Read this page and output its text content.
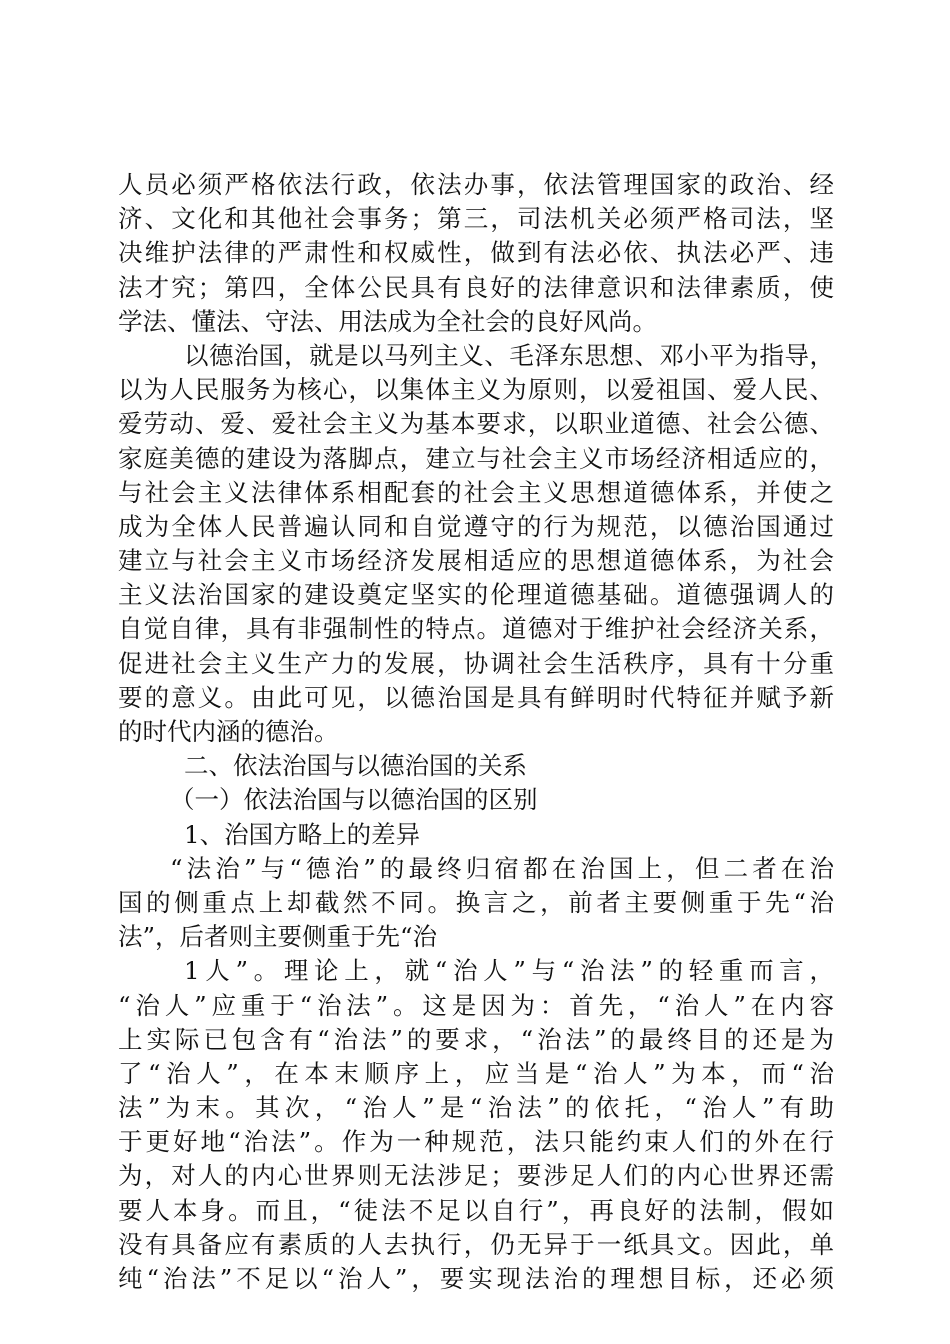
人员必须严格依法行政，依法办事，依法管理国家的政治、经
济、文化和其他社会事务；第三，司法机关必须严格司法，坚
决维护法律的严肃性和权威性，做到有法必依、执法必严、违
法才究；第四，全体公民具有良好的法律意识和法律素质，使
学法、懂法、守法、用法成为全社会的良好风尚。
以德治国，就是以马列主义、毛泽东思想、邓小平为指导，
以为人民服务为核心，以集体主义为原则，以爱祖国、爱人民、
爱劳动、爱、爱社会主义为基本要求，以职业道德、社会公德、
家庭美德的建设为落脚点，建立与社会主义市场经济相适应的，
与社会主义法律体系相配套的社会主义思想道德体系，并使之
成为全体人民普遍认同和自觉遵守的行为规范，以德治国通过
建立与社会主义市场经济发展相适应的思想道德体系，为社会
主义法治国家的建设奠定坚实的伦理道德基础。道德强调人的
自觉自律，具有非强制性的特点。道德对于维护社会经济关系，
促进社会主义生产力的发展，协调社会生活秩序，具有十分重
要的意义。由此可见，以德治国是具有鲜明时代特征并赋予新
的时代内涵的德治。
二、依法治国与以德治国的关系
（一）依法治国与以德治国的区别
1、治国方略上的差异
“法治”与“德治”的最终归宿都在治国上，但二者在治
国的侧重点上却截然不同。换言之，前者主要侧重于先“治
法”，后者则主要侧重于先“治
1人”。理论上，就“治人”与“治法”的轻重而言，
“治人”应重于“治法”。这是因为：首先，“治人”在内容
上实际已包含有“治法”的要求，“治法”的最终目的还是为
了“治人”，在本末顺序上，应当是“治人”为本，而“治
法”为末。其次，“治人”是“治法”的依托，“治人”有助
于更好地“治法”。作为一种规范，法只能约束人们的外在行
为，对人的内心世界则无法涉足；要涉足人们的内心世界还需
要人本身。而且，“徒法不足以自行”，再良好的法制，假如
没有具备应有素质的人去执行，仍无异于一纸具文。因此，单
纯“治法”不足以“治人”，要实现法治的理想目标，还必须
